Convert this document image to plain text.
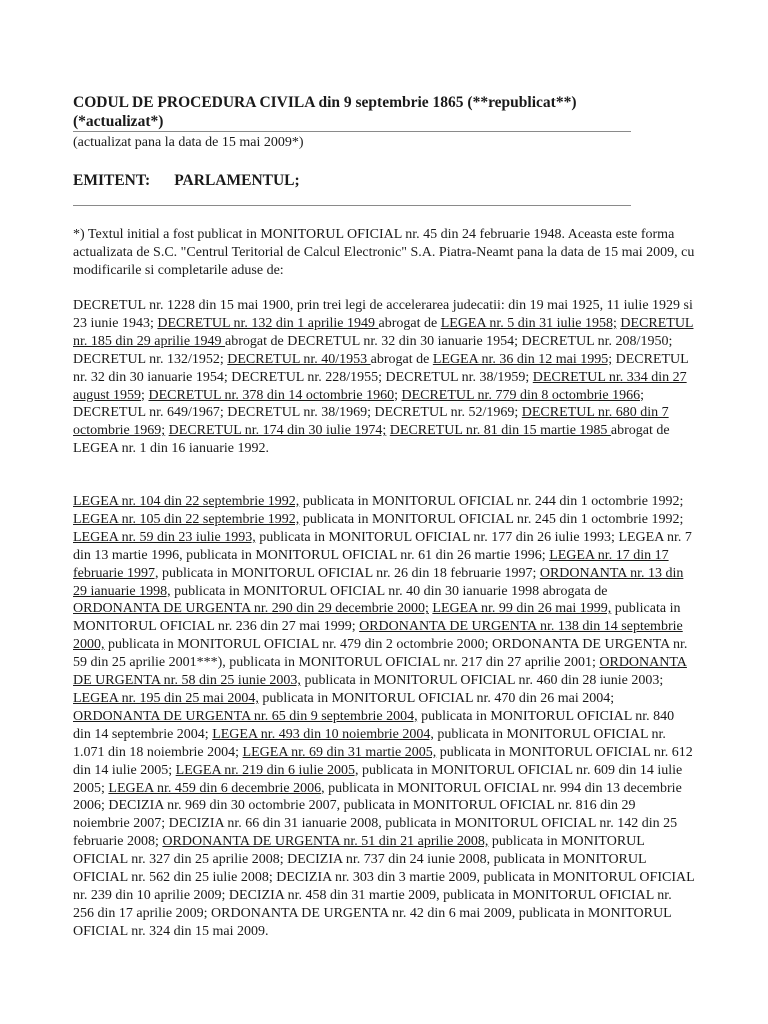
CODUL DE PROCEDURA CIVILA din 9 septembrie 1865 (**republicat**) (*actualizat*)
(actualizat pana la data de 15 mai 2009*)
EMITENT: PARLAMENTUL;
*) Textul initial a fost publicat in MONITORUL OFICIAL nr. 45 din 24 februarie 1948. Aceasta este forma actualizata de S.C. "Centrul Teritorial de Calcul Electronic" S.A. Piatra-Neamt pana la data de 15 mai 2009, cu modificarile si completarile aduse de:
DECRETUL nr. 1228 din 15 mai 1900, prin trei legi de accelerarea judecatii: din 19 mai 1925, 11 iulie 1929 si 23 iunie 1943; DECRETUL nr. 132 din 1 aprilie 1949 abrogat de LEGEA nr. 5 din 31 iulie 1958; DECRETUL nr. 185 din 29 aprilie 1949 abrogat de DECRETUL nr. 32 din 30 ianuarie 1954; DECRETUL nr. 208/1950; DECRETUL nr. 132/1952; DECRETUL nr. 40/1953 abrogat de LEGEA nr. 36 din 12 mai 1995; DECRETUL nr. 32 din 30 ianuarie 1954; DECRETUL nr. 228/1955; DECRETUL nr. 38/1959; DECRETUL nr. 334 din 27 august 1959; DECRETUL nr. 378 din 14 octombrie 1960; DECRETUL nr. 779 din 8 octombrie 1966; DECRETUL nr. 649/1967; DECRETUL nr. 38/1969; DECRETUL nr. 52/1969; DECRETUL nr. 680 din 7 octombrie 1969; DECRETUL nr. 174 din 30 iulie 1974; DECRETUL nr. 81 din 15 martie 1985 abrogat de LEGEA nr. 1 din 16 ianuarie 1992.
LEGEA nr. 104 din 22 septembrie 1992, publicata in MONITORUL OFICIAL nr. 244 din 1 octombrie 1992; LEGEA nr. 105 din 22 septembrie 1992, publicata in MONITORUL OFICIAL nr. 245 din 1 octombrie 1992; LEGEA nr. 59 din 23 iulie 1993, publicata in MONITORUL OFICIAL nr. 177 din 26 iulie 1993; LEGEA nr. 7 din 13 martie 1996, publicata in MONITORUL OFICIAL nr. 61 din 26 martie 1996; LEGEA nr. 17 din 17 februarie 1997, publicata in MONITORUL OFICIAL nr. 26 din 18 februarie 1997; ORDONANTA nr. 13 din 29 ianuarie 1998, publicata in MONITORUL OFICIAL nr. 40 din 30 ianuarie 1998 abrogata de ORDONANTA DE URGENTA nr. 290 din 29 decembrie 2000; LEGEA nr. 99 din 26 mai 1999, publicata in MONITORUL OFICIAL nr. 236 din 27 mai 1999; ORDONANTA DE URGENTA nr. 138 din 14 septembrie 2000, publicata in MONITORUL OFICIAL nr. 479 din 2 octombrie 2000; ORDONANTA DE URGENTA nr. 59 din 25 aprilie 2001***), publicata in MONITORUL OFICIAL nr. 217 din 27 aprilie 2001; ORDONANTA DE URGENTA nr. 58 din 25 iunie 2003, publicata in MONITORUL OFICIAL nr. 460 din 28 iunie 2003; LEGEA nr. 195 din 25 mai 2004, publicata in MONITORUL OFICIAL nr. 470 din 26 mai 2004; ORDONANTA DE URGENTA nr. 65 din 9 septembrie 2004, publicata in MONITORUL OFICIAL nr. 840 din 14 septembrie 2004; LEGEA nr. 493 din 10 noiembrie 2004, publicata in MONITORUL OFICIAL nr. 1.071 din 18 noiembrie 2004; LEGEA nr. 69 din 31 martie 2005, publicata in MONITORUL OFICIAL nr. 612 din 14 iulie 2005; LEGEA nr. 219 din 6 iulie 2005, publicata in MONITORUL OFICIAL nr. 609 din 14 iulie 2005; LEGEA nr. 459 din 6 decembrie 2006, publicata in MONITORUL OFICIAL nr. 994 din 13 decembrie 2006; DECIZIA nr. 969 din 30 octombrie 2007, publicata in MONITORUL OFICIAL nr. 816 din 29 noiembrie 2007; DECIZIA nr. 66 din 31 ianuarie 2008, publicata in MONITORUL OFICIAL nr. 142 din 25 februarie 2008; ORDONANTA DE URGENTA nr. 51 din 21 aprilie 2008, publicata in MONITORUL OFICIAL nr. 327 din 25 aprilie 2008; DECIZIA nr. 737 din 24 iunie 2008, publicata in MONITORUL OFICIAL nr. 562 din 25 iulie 2008; DECIZIA nr. 303 din 3 martie 2009, publicata in MONITORUL OFICIAL nr. 239 din 10 aprilie 2009; DECIZIA nr. 458 din 31 martie 2009, publicata in MONITORUL OFICIAL nr. 256 din 17 aprilie 2009; ORDONANTA DE URGENTA nr. 42 din 6 mai 2009, publicata in MONITORUL OFICIAL nr. 324 din 15 mai 2009.
